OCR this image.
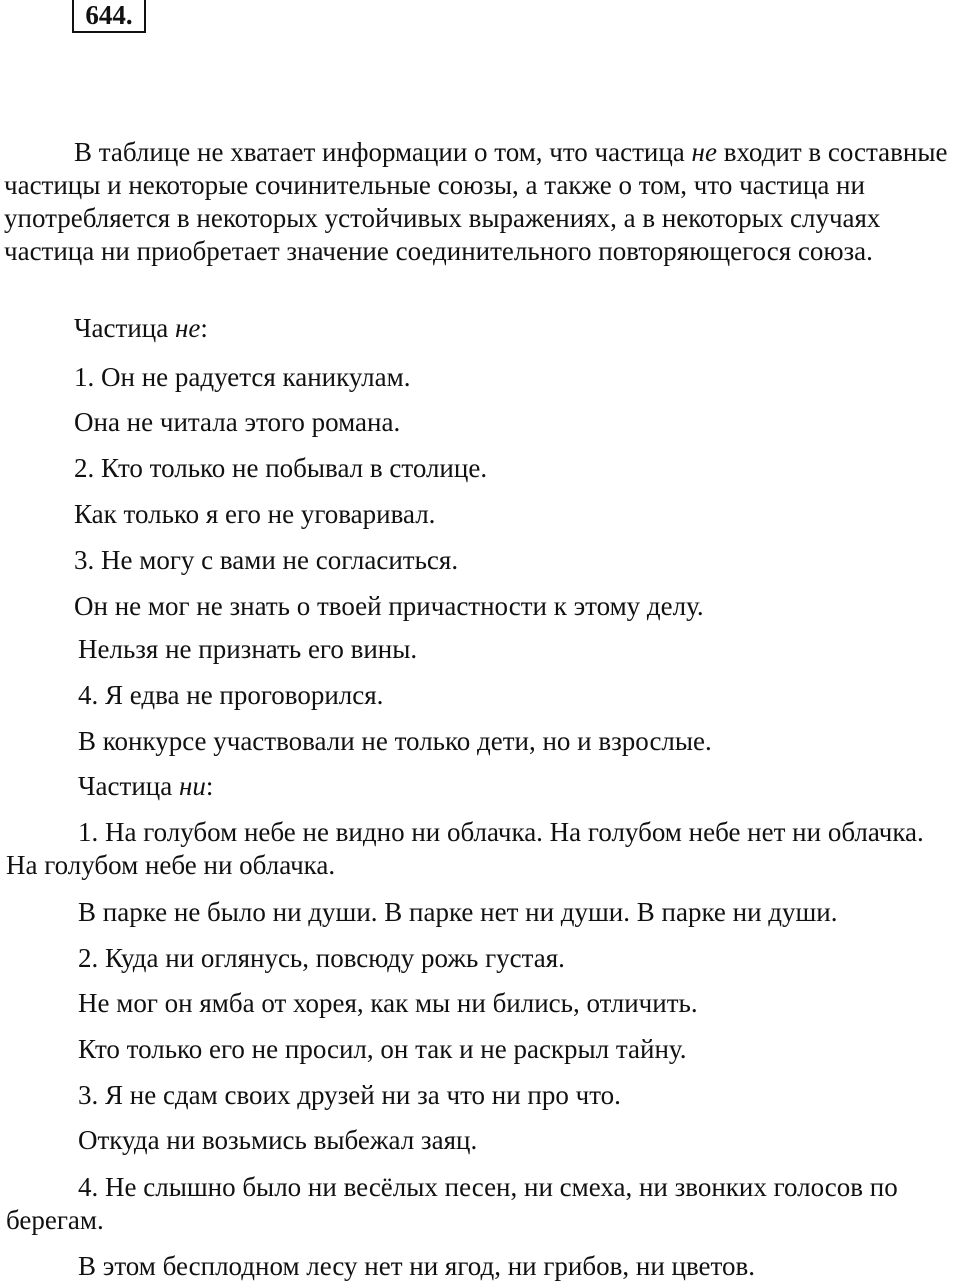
644.
В таблице не хватает информации о том, что частица не входит в составные частицы и некоторые сочинительные союзы, а также о том, что частица ни употребляется в некоторых устойчивых выражениях, а в некоторых случаях частица ни приобретает значение соединительного повторяющегося союза.
Частица не:
1. Он не радуется каникулам.
Она не читала этого романа.
2. Кто только не побывал в столице.
Как только я его не уговаривал.
3. Не могу с вами не согласиться.
Он не мог не знать о твоей причастности к этому делу.
Нельзя не признать его вины.
4. Я едва не проговорился.
В конкурсе участвовали не только дети, но и взрослые.
Частица ни:
1. На голубом небе не видно ни облачка. На голубом небе нет ни облачка. На голубом небе ни облачка.
В парке не было ни души. В парке нет ни души. В парке ни души.
2. Куда ни оглянусь, повсюду рожь густая.
Не мог он ямба от хорея, как мы ни бились, отличить.
Кто только его не просил, он так и не раскрыл тайну.
3. Я не сдам своих друзей ни за что ни про что.
Откуда ни возьмись выбежал заяц.
4. Не слышно было ни весёлых песен, ни смеха, ни звонких голосов по берегам.
В этом бесплодном лесу нет ни ягод, ни грибов, ни цветов.
